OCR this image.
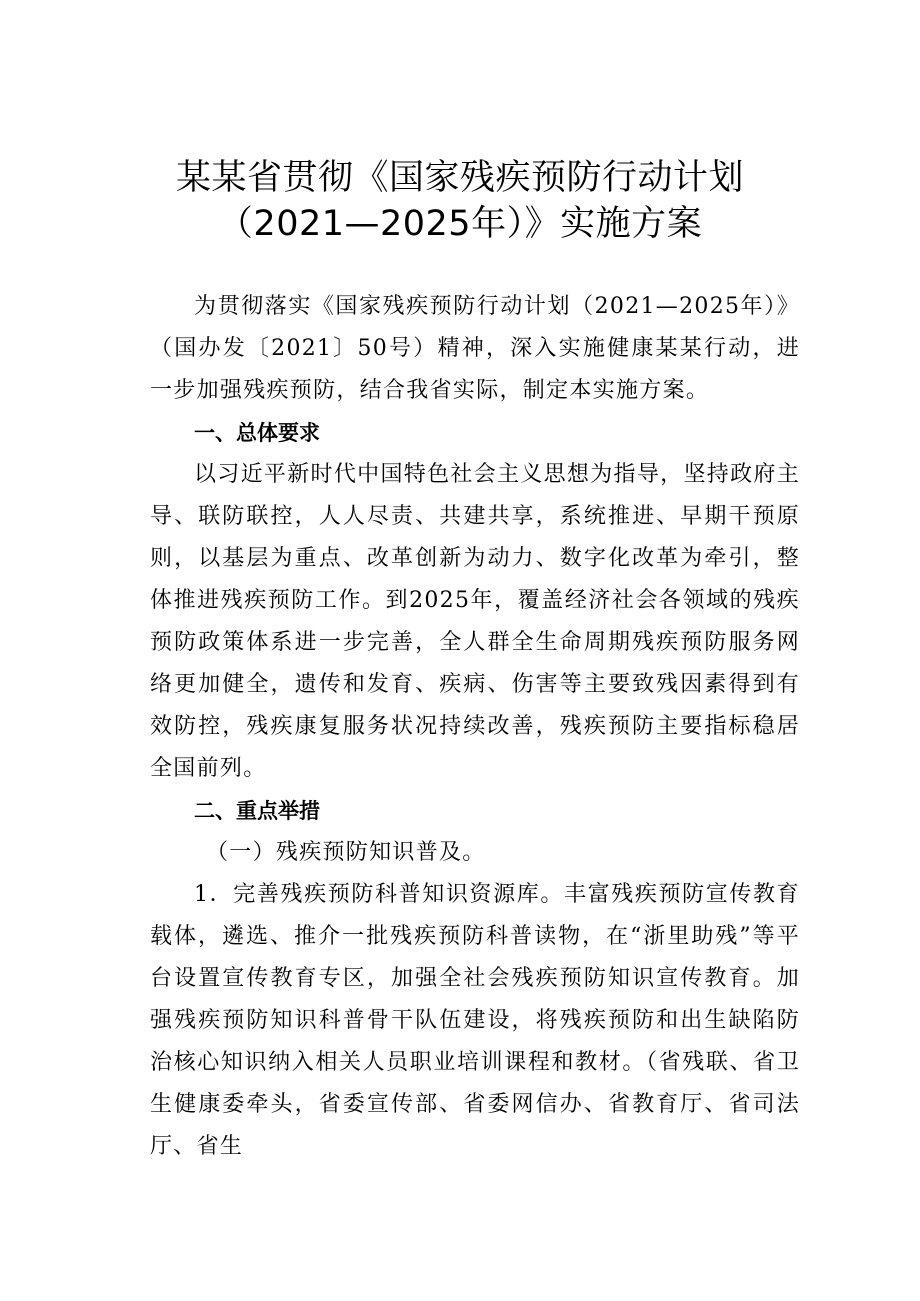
某某省贯彻《国家残疾预防行动计划
（2021—2025年）》实施方案

为贯彻落实《国家残疾预防行动计划（2021—2025年）》（国办发〔2021〕50号）精神，深入实施健康某某行动，进一步加强残疾预防，结合我省实际，制定本实施方案。

一、总体要求

以习近平新时代中国特色社会主义思想为指导，坚持政府主导、联防联控，人人尽责、共建共享，系统推进、早期干预原则，以基层为重点、改革创新为动力、数字化改革为牵引，整体推进残疾预防工作。到2025年，覆盖经济社会各领域的残疾预防政策体系进一步完善，全人群全生命周期残疾预防服务网络更加健全，遗传和发育、疾病、伤害等主要致残因素得到有效防控，残疾康复服务状况持续改善，残疾预防主要指标稳居全国前列。

二、重点举措

（一）残疾预防知识普及。

1．完善残疾预防科普知识资源库。丰富残疾预防宣传教育载体，遴选、推介一批残疾预防科普读物，在“浙里助残”等平台设置宣传教育专区，加强全社会残疾预防知识宣传教育。加强残疾预防知识科普骨干队伍建设，将残疾预防和出生缺陷防治核心知识纳入相关人员职业培训课程和教材。（省残联、省卫生健康委牵头，省委宣传部、省委网信办、省教育厅、省司法厅、省生
